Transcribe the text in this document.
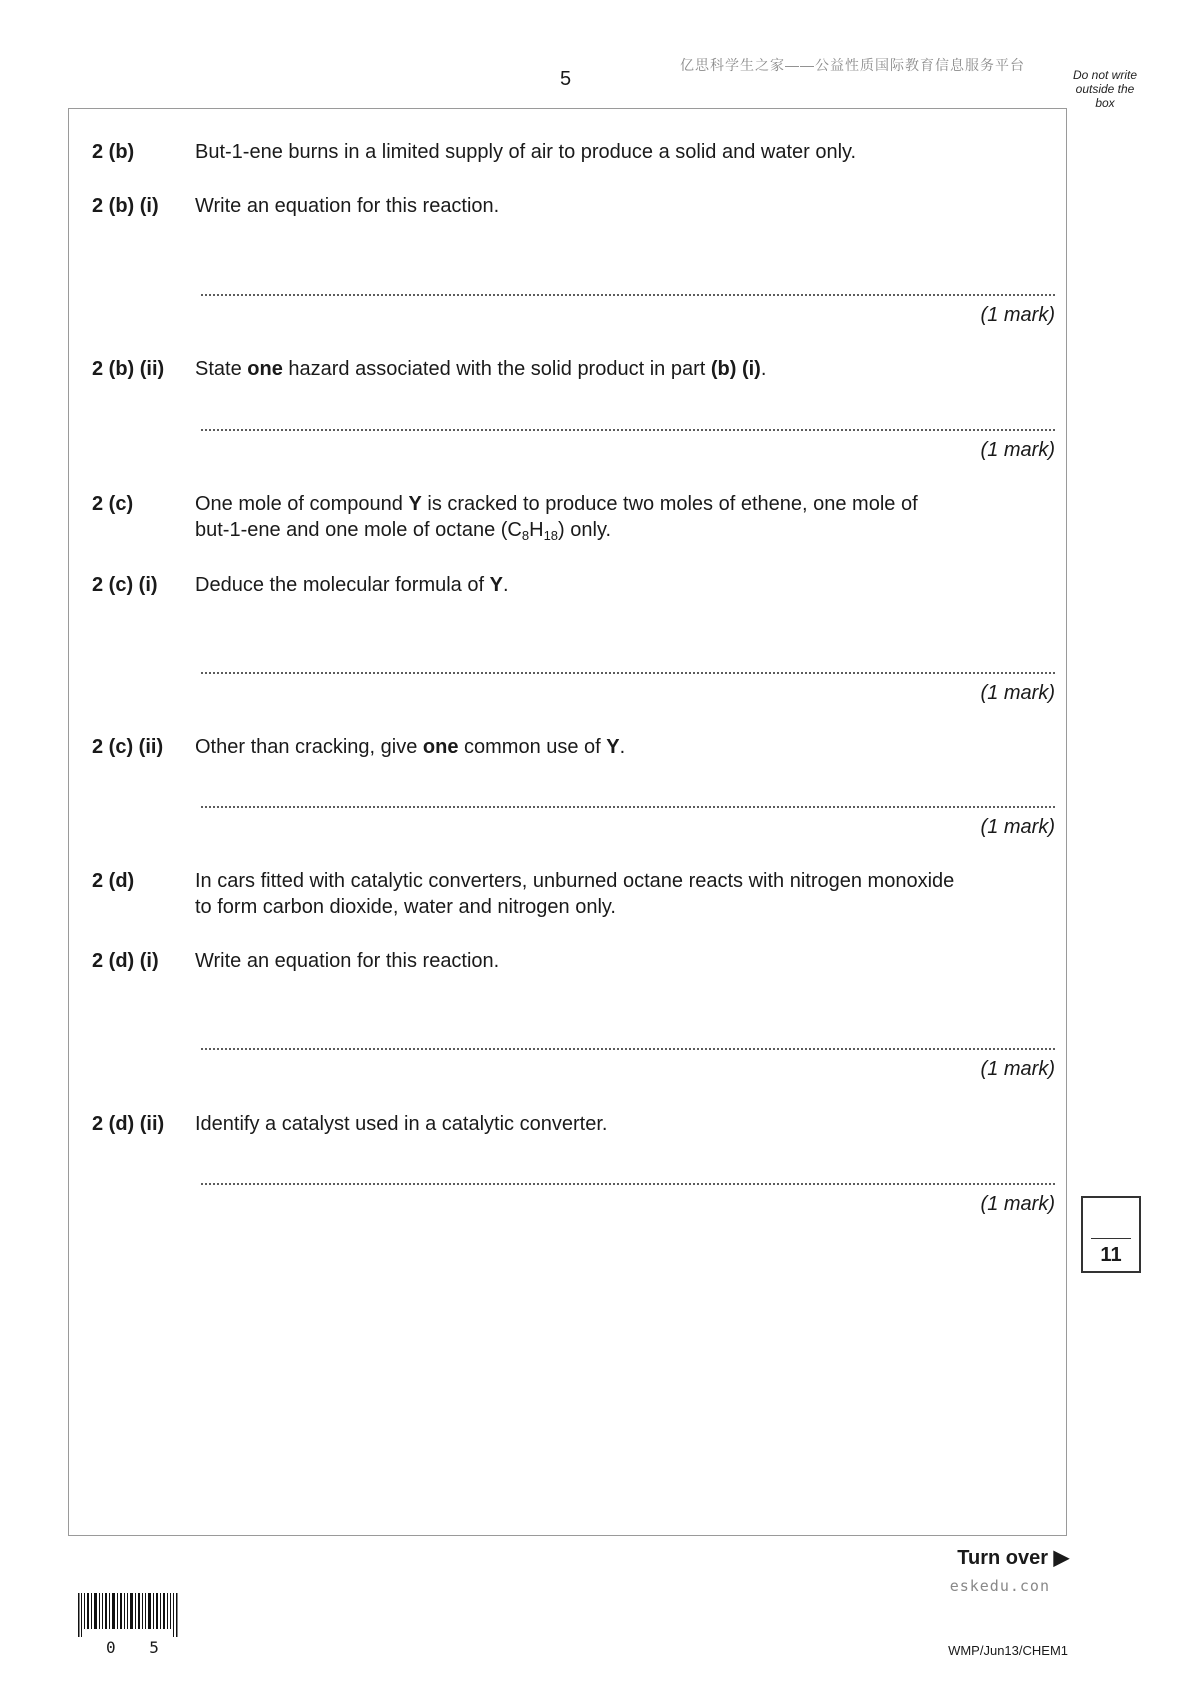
5
亿思科学生之家——公益性质国际教育信息服务平台
Do not write
outside the
box
2 (b)	But-1-ene burns in a limited supply of air to produce a solid and water only.
2 (b) (i) Write an equation for this reaction.
(1 mark)
2 (b) (ii) State one hazard associated with the solid product in part (b) (i).
(1 mark)
2 (c)	One mole of compound Y is cracked to produce two moles of ethene, one mole of
but-1-ene and one mole of octane $(C_8H_{18})$ only.
2 (c) (i) Deduce the molecular formula of Y.
(1 mark)
2 (c) (ii) Other than cracking, give one common use of Y.
(1 mark)
2 (d)	In cars fitted with catalytic converters, unburned octane reacts with nitrogen monoxide
to form carbon dioxide, water and nitrogen only.
2 (d) (i) Write an equation for this reaction.
(1 mark)
2 (d) (ii) Identify a catalyst used in a catalytic converter.
(1 mark)
11
Turn over ▶
eskedu.con
0 5	WMP/Jun13/CHEM1
